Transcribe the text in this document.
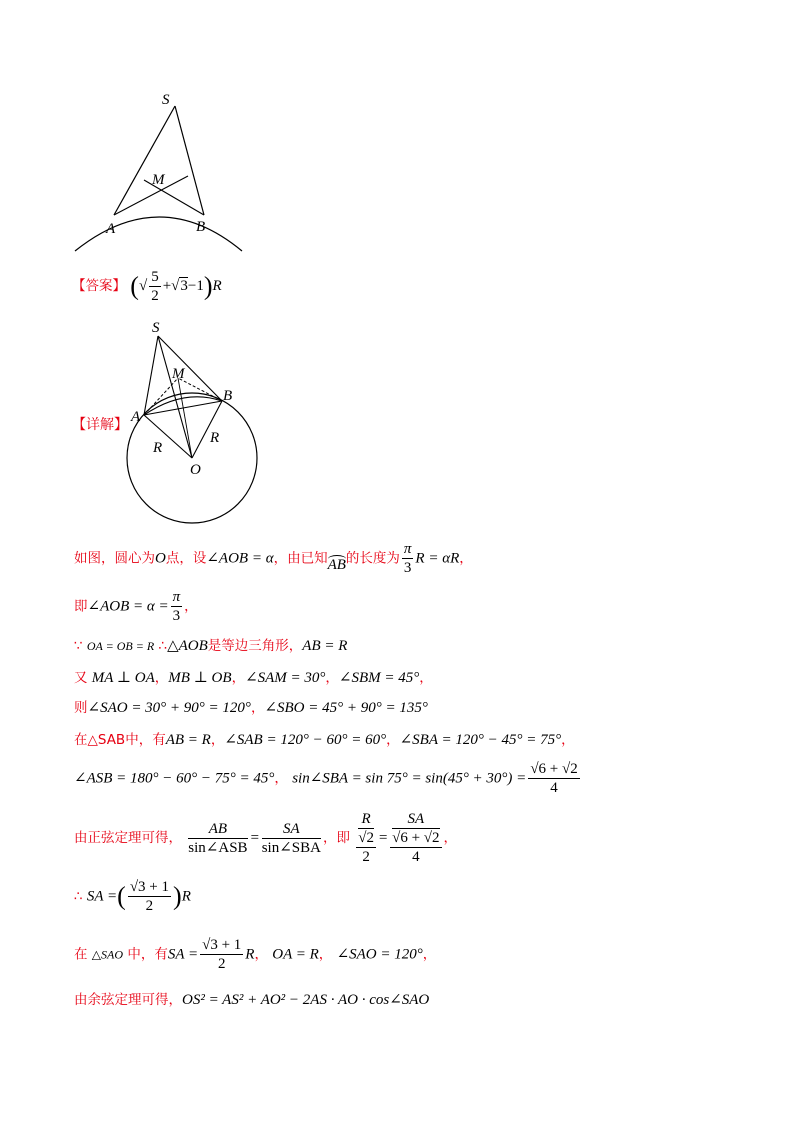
S
M
A	B
【答案】 (√ $\frac{5}{2} +√3-1)R$
【详解】
S
M
A
B
R
R
O
如图，圆心为O点，设∠AOB = α，由已知AB的长度为 $\frac{\pi}{3}$ R = αR，
即∠AOB = $\alpha = \frac{\pi}{3}$ ，
∵ OA = OB = R ∴△AOB是等边三角形，AB = R
又 MA ⊥ OA，MB ⊥ OB，∠SAM = 30°，∠SBM = 45°，
则∠SAO = 30° + 90° = 120°，∠SBO = 45° + 90° = 135°
在△SAB中，有AB = R，∠SAB = 120° − 60° = 60°，∠SBA = 120° − 45° = 75°，
∠ASB = 180° − 60° − 75° = 45°， sin∠SBA = $\sin 75^\circ = \sin(45^\circ + 30^\circ) = \frac{√6 + √2}{4}$
由正弦定理可得， $\frac{AB}{\text{sin∠ASB}} = \frac{SA}{\text{sin∠SBA}}$ ，即 R
√2
2 = SA
√6 + √2
4 ，
∴ SA =( $\frac{√3 + 1}{2} )R$
在 △SAO 中，有SA = $\frac{√3 + 1}{2}$ R， OA = R， ∠SAO = 120°，
由余弦定理可得，OS² = AS² + AO² − 2AS · AO · cos∠SAO
